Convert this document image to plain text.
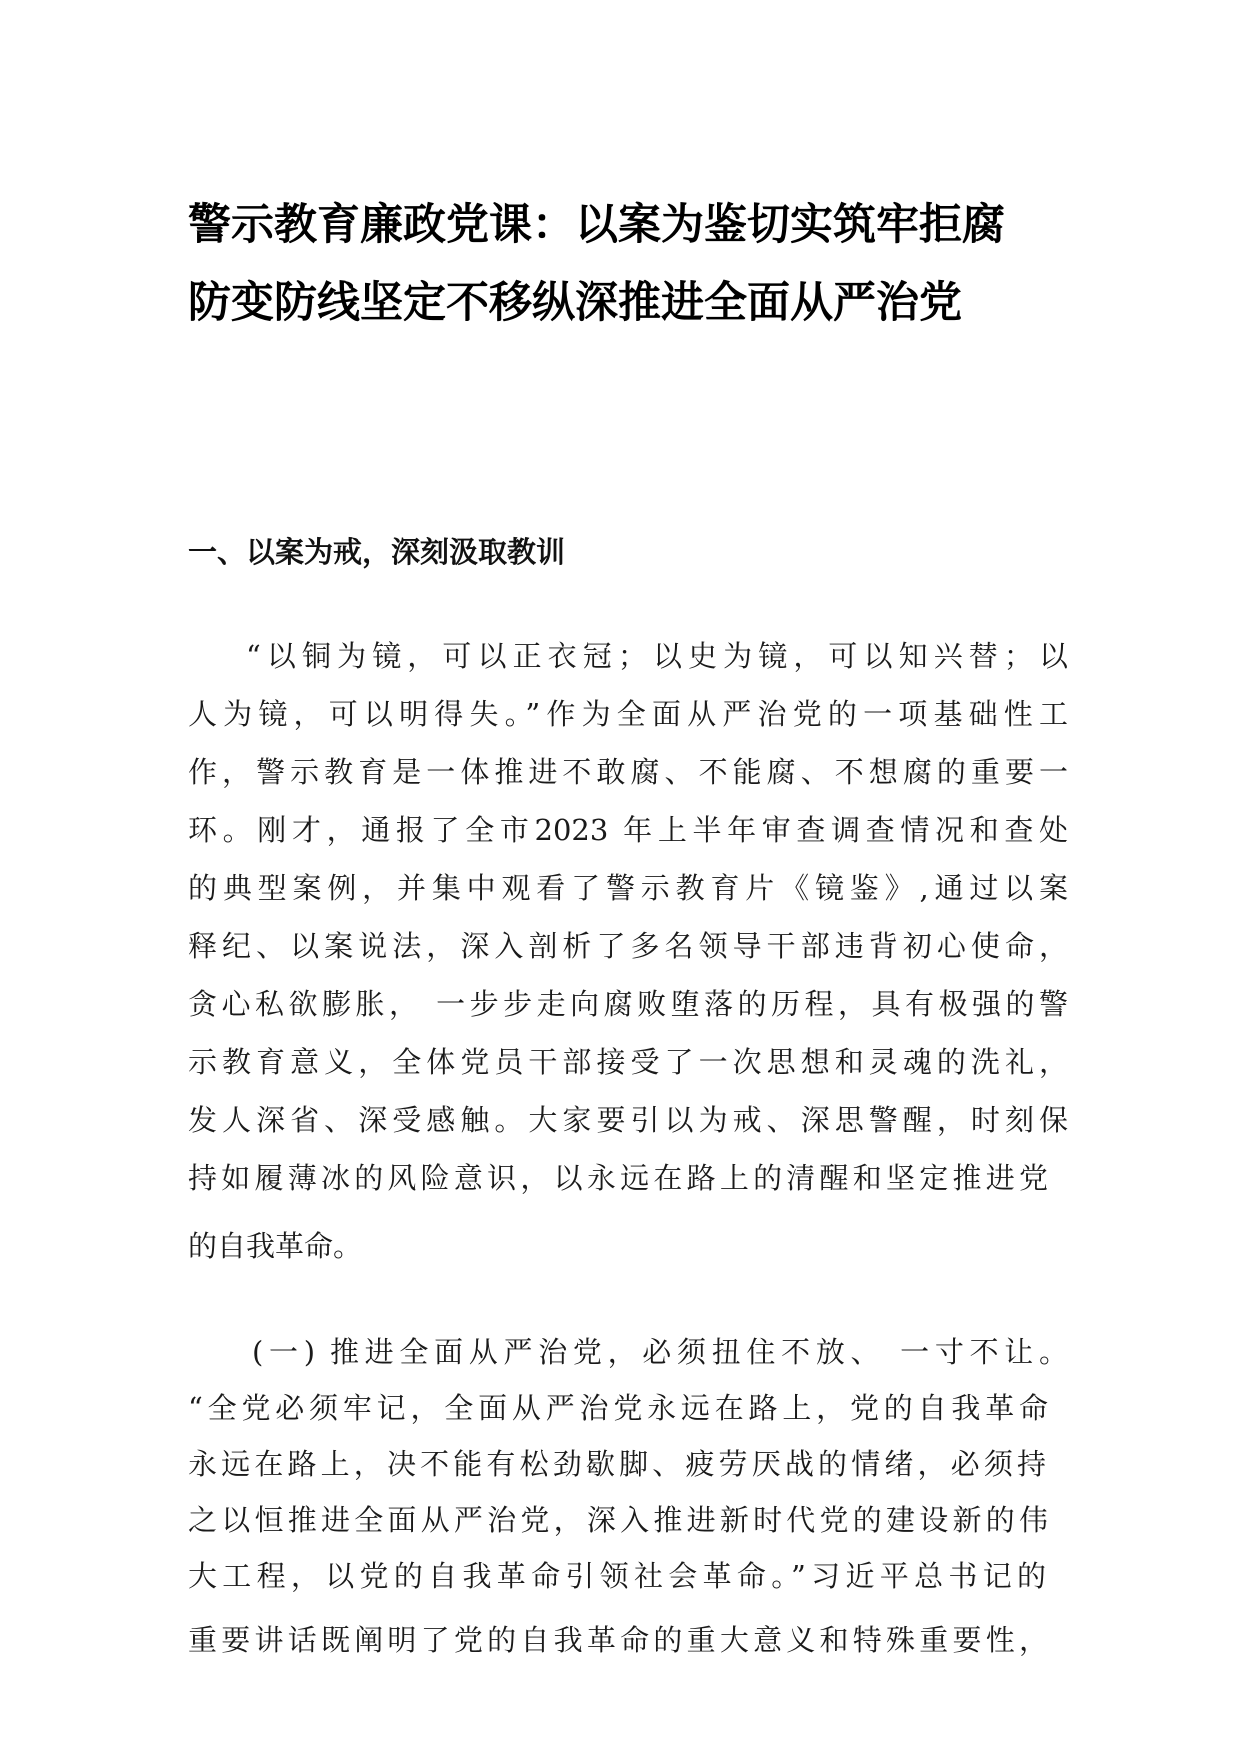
警示教育廉政党课：以案为鉴切实筑牢拒腐
防变防线坚定不移纵深推进全面从严治党
一、以案为戒，深刻汲取教训
“以铜为镜，可以正衣冠；以史为镜，可以知兴替；以
人为镜，可以明得失。”作为全面从严治党的一项基础性工
作，警示教育是一体推进不敢腐、不能腐、不想腐的重要一
环。刚才，通报了全市2023 年上半年审查调查情况和查处
的典型案例，并集中观看了警示教育片《镜鉴》,通过以案
释纪、以案说法，深入剖析了多名领导干部违背初心使命，
贪心私欲膨胀， 一步步走向腐败堕落的历程，具有极强的警
示教育意义，全体党员干部接受了一次思想和灵魂的洗礼，
发人深省、深受感触。大家要引以为戒、深思警醒，时刻保
持如履薄冰的风险意识，以永远在路上的清醒和坚定推进党
的自我革命。
(一) 推进全面从严治党，必须扭住不放、 一寸不让。
“全党必须牢记，全面从严治党永远在路上，党的自我革命
永远在路上，决不能有松劲歇脚、疲劳厌战的情绪，必须持
之以恒推进全面从严治党，深入推进新时代党的建设新的伟
大工程，以党的自我革命引领社会革命。”习近平总书记的
重要讲话既阐明了党的自我革命的重大意义和特殊重要性，
